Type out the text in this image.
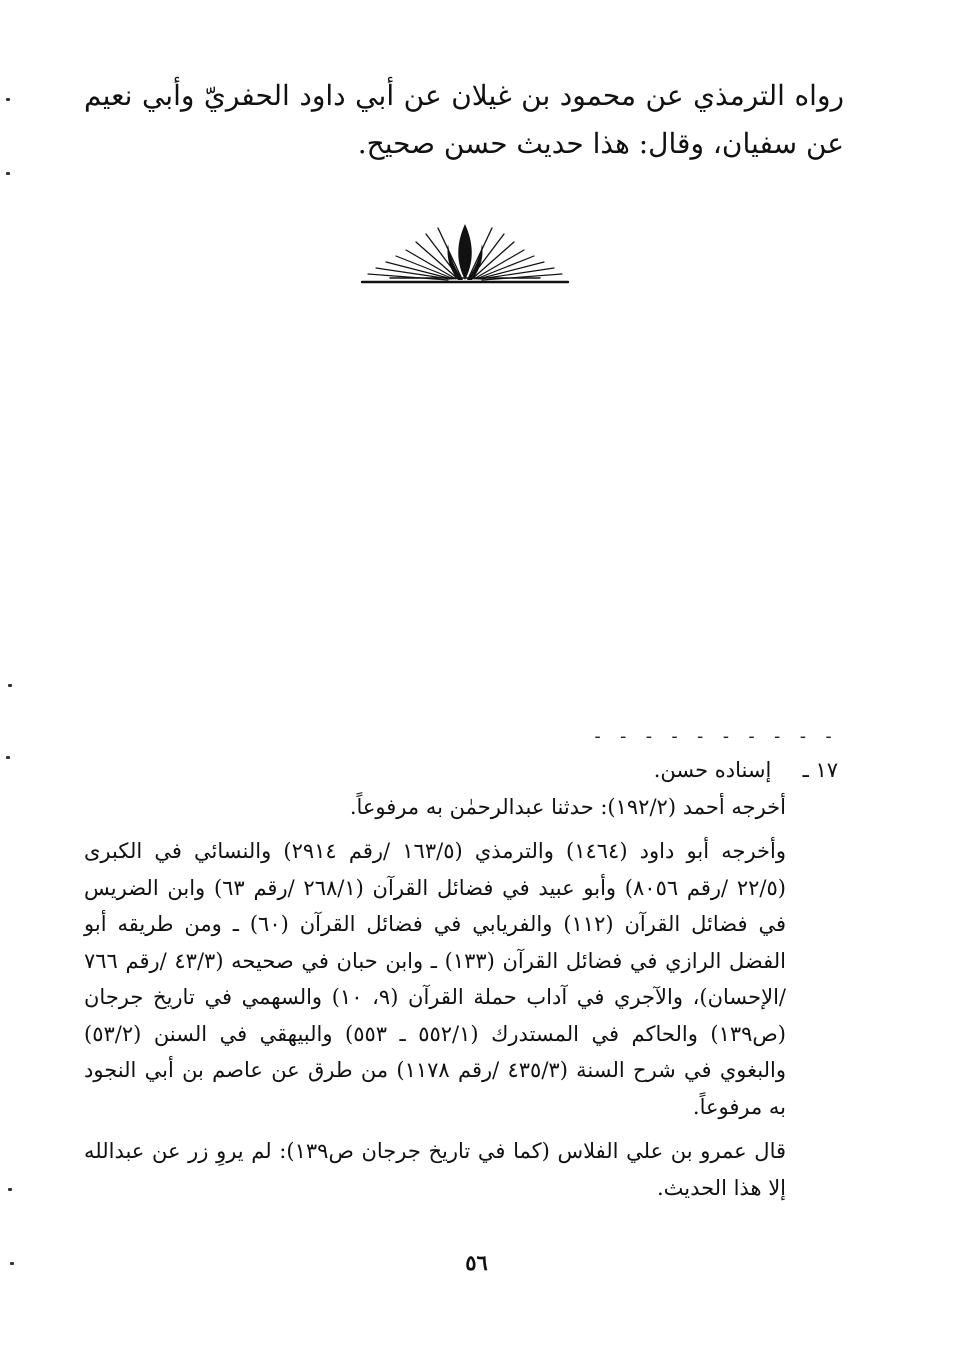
رواه الترمذي عن محمود بن غيلان عن أبي داود الحفريّ وأبي نعيم عن سفيان، وقال: هذا حديث حسن صحيح.

- - - - - - - - - -
١٧ ـ إسناده حسن.

أخرجه أحمد (١٩٢/٢): حدثنا عبدالرحمٰن به مرفوعاً.

وأخرجه أبو داود (١٤٦٤) والترمذي (١٦٣/٥ /رقم ٢٩١٤) والنسائي في الكبرى (٢٢/٥ /رقم ٨٠٥٦) وأبو عبيد في فضائل القرآن (٢٦٨/١ /رقم ٦٣) وابن الضريس في فضائل القرآن (١١٢) والفريابي في فضائل القرآن (٦٠) ـ ومن طريقه أبو الفضل الرازي في فضائل القرآن (١٣٣) ـ وابن حبان في صحيحه (٤٣/٣ /رقم ٧٦٦ /الإحسان)، والآجري في آداب حملة القرآن (٩، ١٠) والسهمي في تاريخ جرجان (ص١٣٩) والحاكم في المستدرك (٥٥٢/١ ـ ٥٥٣) والبيهقي في السنن (٥٣/٢) والبغوي في شرح السنة (٤٣٥/٣ /رقم ١١٧٨) من طرق عن عاصم بن أبي النجود به مرفوعاً.

قال عمرو بن علي الفلاس (كما في تاريخ جرجان ص١٣٩): لم يروِ زر عن عبدالله إلا هذا الحديث.

٥٦
